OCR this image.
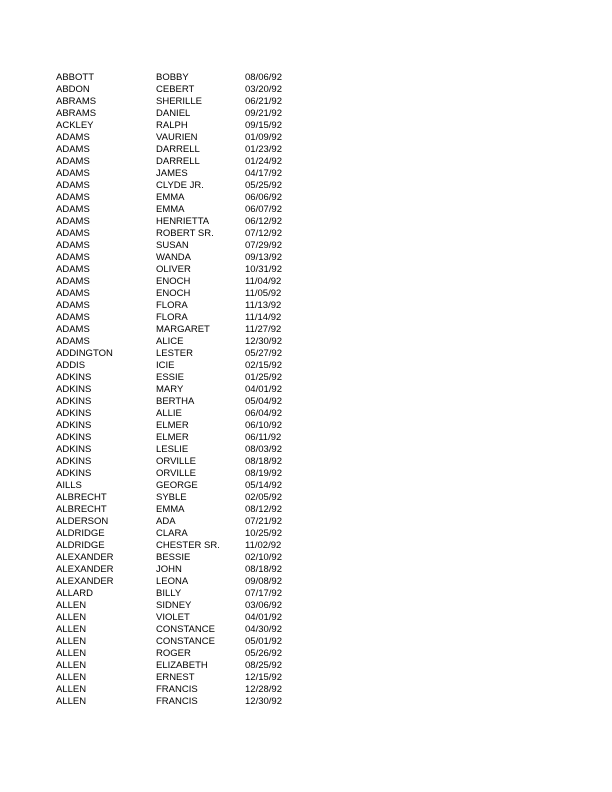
ABBOTT	BOBBY	08/06/92
ABDON	CEBERT	03/20/92
ABRAMS	SHERILLE	06/21/92
ABRAMS	DANIEL	09/21/92
ACKLEY	RALPH	09/15/92
ADAMS	VAURIEN	01/09/92
ADAMS	DARRELL	01/23/92
ADAMS	DARRELL	01/24/92
ADAMS	JAMES	04/17/92
ADAMS	CLYDE JR.	05/25/92
ADAMS	EMMA	06/06/92
ADAMS	EMMA	06/07/92
ADAMS	HENRIETTA	06/12/92
ADAMS	ROBERT SR.	07/12/92
ADAMS	SUSAN	07/29/92
ADAMS	WANDA	09/13/92
ADAMS	OLIVER	10/31/92
ADAMS	ENOCH	11/04/92
ADAMS	ENOCH	11/05/92
ADAMS	FLORA	11/13/92
ADAMS	FLORA	11/14/92
ADAMS	MARGARET	11/27/92
ADAMS	ALICE	12/30/92
ADDINGTON	LESTER	05/27/92
ADDIS	ICIE	02/15/92
ADKINS	ESSIE	01/25/92
ADKINS	MARY	04/01/92
ADKINS	BERTHA	05/04/92
ADKINS	ALLIE	06/04/92
ADKINS	ELMER	06/10/92
ADKINS	ELMER	06/11/92
ADKINS	LESLIE	08/03/92
ADKINS	ORVILLE	08/18/92
ADKINS	ORVILLE	08/19/92
AILLS	GEORGE	05/14/92
ALBRECHT	SYBLE	02/05/92
ALBRECHT	EMMA	08/12/92
ALDERSON	ADA	07/21/92
ALDRIDGE	CLARA	10/25/92
ALDRIDGE	CHESTER SR.	11/02/92
ALEXANDER	BESSIE	02/10/92
ALEXANDER	JOHN	08/18/92
ALEXANDER	LEONA	09/08/92
ALLARD	BILLY	07/17/92
ALLEN	SIDNEY	03/06/92
ALLEN	VIOLET	04/01/92
ALLEN	CONSTANCE	04/30/92
ALLEN	CONSTANCE	05/01/92
ALLEN	ROGER	05/26/92
ALLEN	ELIZABETH	08/25/92
ALLEN	ERNEST	12/15/92
ALLEN	FRANCIS	12/28/92
ALLEN	FRANCIS	12/30/92
